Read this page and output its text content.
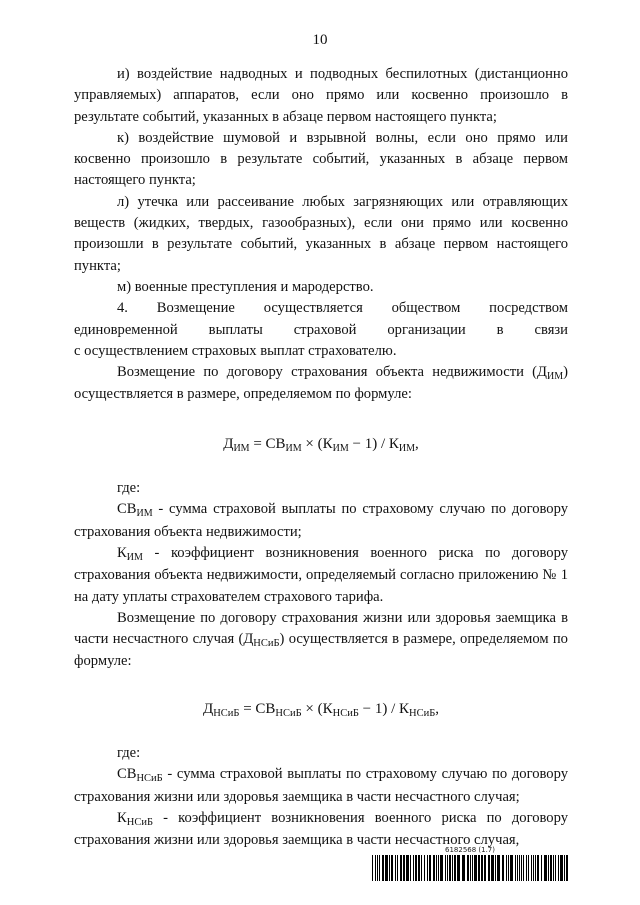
10

и) воздействие надводных и подводных беспилотных (дистанционно управляемых) аппаратов, если оно прямо или косвенно произошло в результате событий, указанных в абзаце первом настоящего пункта;

к) воздействие шумовой и взрывной волны, если оно прямо или косвенно произошло в результате событий, указанных в абзаце первом настоящего пункта;

л) утечка или рассеивание любых загрязняющих или отравляющих веществ (жидких, твердых, газообразных), если они прямо или косвенно произошли в результате событий, указанных в абзаце первом настоящего пункта;

м) военные преступления и мародерство.

4. Возмещение осуществляется обществом посредством единовременной выплаты страховой организации в связи

с осуществлением страховых выплат страхователю.

Возмещение по договору страхования объекта недвижимости $(Д_{ИМ})$ осуществляется в размере, определяемом по формуле:

$Д_{ИМ} = СВ_{ИМ} \times (К_{ИМ} - 1) / К_{ИМ}$,

где:

$СВ_{ИМ}$ - сумма страховой выплаты по страховому случаю по договору страхования объекта недвижимости;

$К_{ИМ}$ - коэффициент возникновения военного риска по договору страхования объекта недвижимости, определяемый согласно приложению № 1 на дату уплаты страхователем страхового тарифа.

Возмещение по договору страхования жизни или здоровья заемщика в части несчастного случая $(Д_{НСиБ})$ осуществляется в размере, определяемом по формуле:

$Д_{НСиБ} = СВ_{НСиБ} \times (К_{НСиБ} - 1) / К_{НСиБ}$,

где:

$СВ_{НСиБ}$ - сумма страховой выплаты по страховому случаю по договору страхования жизни или здоровья заемщика в части несчастного случая;

$К_{НСиБ}$ - коэффициент возникновения военного риска по договору страхования жизни или здоровья заемщика в части несчастного случая,

6182568 (1.7)
